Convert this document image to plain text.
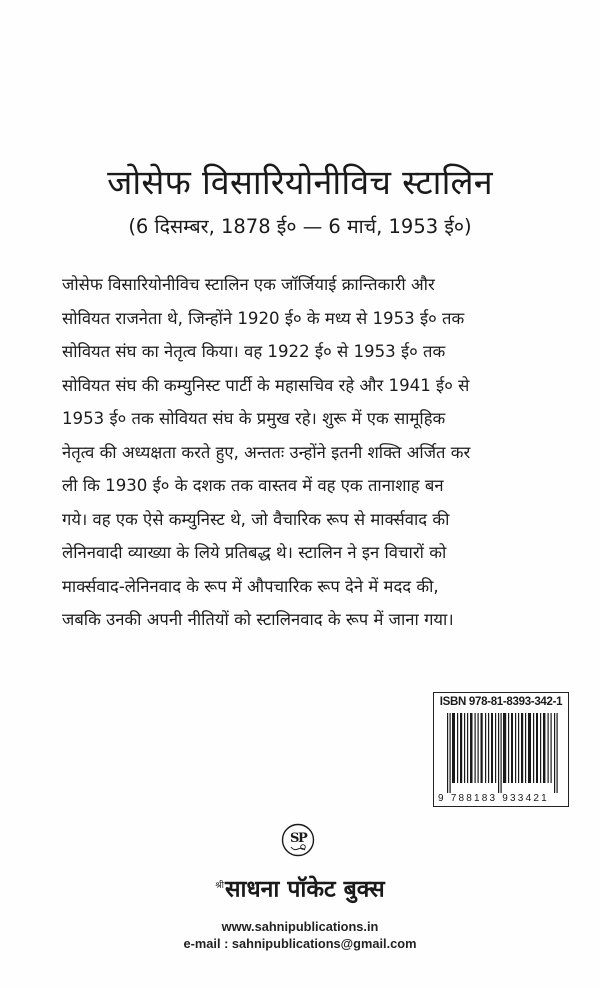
जोसेफ विसारियोनीविच स्टालिन
(6 दिसम्बर, 1878 ई० — 6 मार्च, 1953 ई०)

जोसेफ विसारियोनीविच स्टालिन एक जॉर्जियाई क्रान्तिकारी और
सोवियत राजनेता थे, जिन्होंने 1920 ई० के मध्य से 1953 ई० तक
सोवियत संघ का नेतृत्व किया। वह 1922 ई० से 1953 ई० तक
सोवियत संघ की कम्युनिस्ट पार्टी के महासचिव रहे और 1941 ई० से
1953 ई० तक सोवियत संघ के प्रमुख रहे। शुरू में एक सामूहिक
नेतृत्व की अध्यक्षता करते हुए, अन्ततः उन्होंने इतनी शक्ति अर्जित कर
ली कि 1930 ई० के दशक तक वास्तव में वह एक तानाशाह बन
गये। वह एक ऐसे कम्युनिस्ट थे, जो वैचारिक रूप से मार्क्सवाद की
लेनिनवादी व्याख्या के लिये प्रतिबद्ध थे। स्टालिन ने इन विचारों को
मार्क्सवाद-लेनिनवाद के रूप में औपचारिक रूप देने में मदद की,
जबकि उनकी अपनी नीतियों को स्टालिनवाद के रूप में जाना गया।

ISBN 978-81-8393-342-1
9 788183 933421
S
P
$^{श्री}$साधना पॉकेट बुक्स
www.sahnipublications.in
e-mail : sahnipublications@gmail.com
